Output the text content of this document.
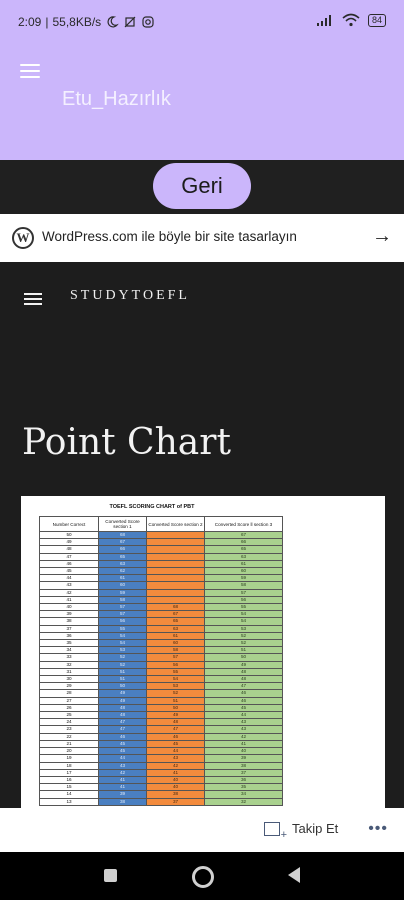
2:09 | 55,8KB/s	84
Etu_Hazırlık
Geri
W
WordPress.com ile böyle bir site tasarlayın	→
STUDYTOEFL
Point Chart
TOEFL SCORING CHART of PBT
Number Correct	Converted Score section 1	Converted Score section 2	Converted Score ll section 3
50	68		67
49	67		66
48	66		65
47	65		63
46	63		61
45	62		60
44	61		59
43	60		58
42	59		57
41	58		56
40	57	68	55
39	57	67	54
38	56	65	54
37	55	63	53
36	54	61	52
35	54	60	52
34	53	58	51
33	52	57	50
32	52	56	49
31	51	55	48
30	51	54	48
29	50	53	47
28	49	52	46
27	49	51	46
26	48	50	45
25	48	49	44
24	47	48	43
23	47	47	43
22	46	46	42
21	45	45	41
20	45	44	40
19	44	43	39
18	43	42	38
17	42	41	37
16	41	40	36
15	41	40	35
14	39	38	34
13	38	37	32
+
Takip Et •••
